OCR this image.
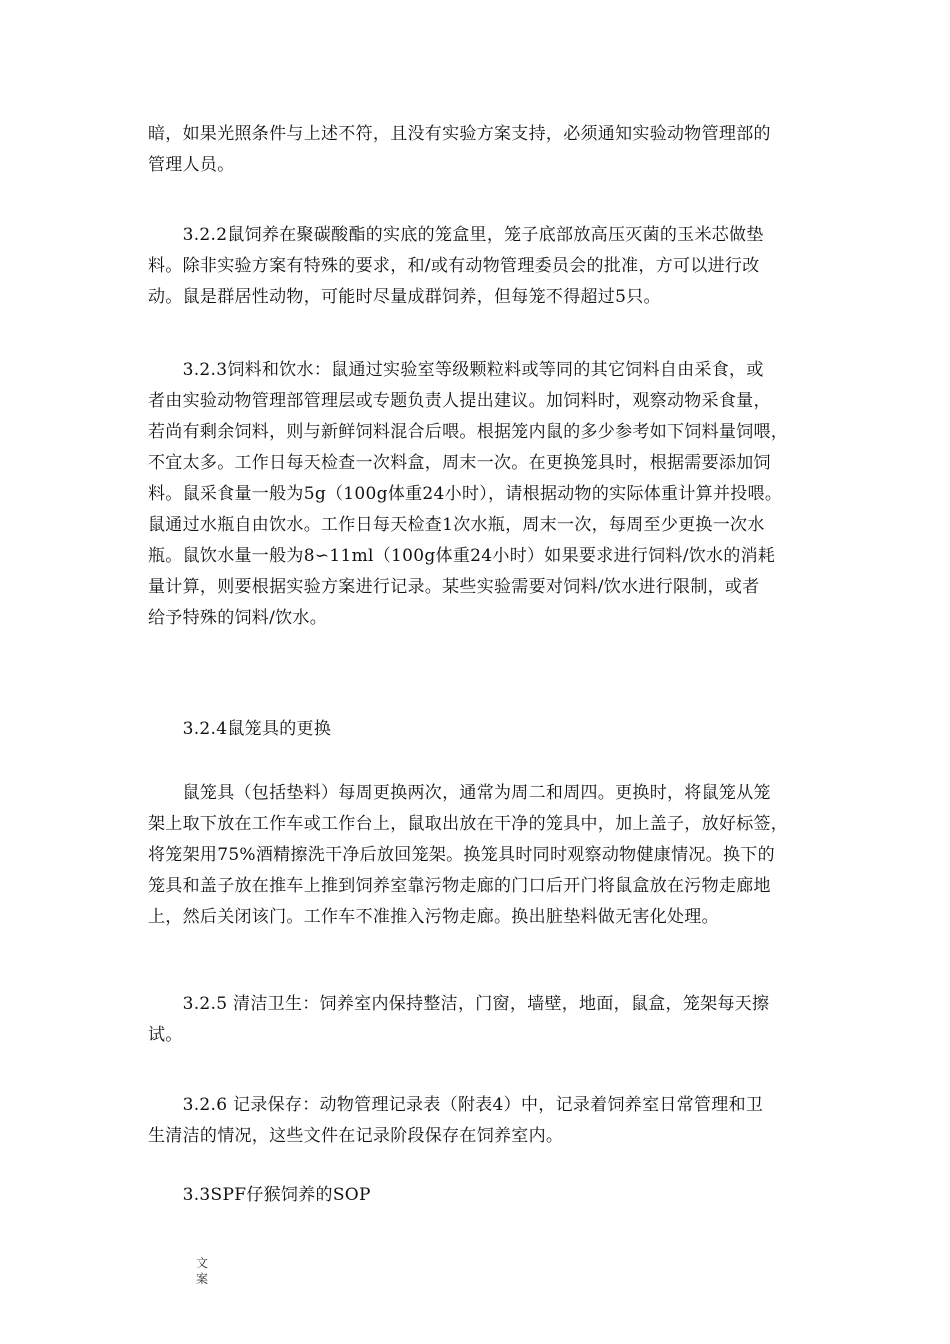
暗，如果光照条件与上述不符，且没有实验方案支持，必须通知实验动物管理部的
管理人员。

　　3.2.2鼠饲养在聚碳酸酯的实底的笼盒里，笼子底部放高压灭菌的玉米芯做垫
料。除非实验方案有特殊的要求，和/或有动物管理委员会的批准，方可以进行改
动。鼠是群居性动物，可能时尽量成群饲养，但每笼不得超过5只。

　　3.2.3饲料和饮水：鼠通过实验室等级颗粒料或等同的其它饲料自由采食，或
者由实验动物管理部管理层或专题负责人提出建议。加饲料时，观察动物采食量，
若尚有剩余饲料，则与新鲜饲料混合后喂。根据笼内鼠的多少参考如下饲料量饲喂，
不宜太多。工作日每天检查一次料盒，周末一次。在更换笼具时，根据需要添加饲
料。鼠采食量一般为5g（100g体重24小时），请根据动物的实际体重计算并投喂。
鼠通过水瓶自由饮水。工作日每天检查1次水瓶，周末一次，每周至少更换一次水
瓶。鼠饮水量一般为8∽11ml（100g体重24小时）如果要求进行饲料/饮水的消耗
量计算，则要根据实验方案进行记录。某些实验需要对饲料/饮水进行限制，或者
给予特殊的饲料/饮水。

　　3.2.4鼠笼具的更换

　　鼠笼具（包括垫料）每周更换两次，通常为周二和周四。更换时，将鼠笼从笼
架上取下放在工作车或工作台上，鼠取出放在干净的笼具中，加上盖子，放好标签，
将笼架用75%酒精擦洗干净后放回笼架。换笼具时同时观察动物健康情况。换下的
笼具和盖子放在推车上推到饲养室靠污物走廊的门口后开门将鼠盒放在污物走廊地
上，然后关闭该门。工作车不准推入污物走廊。换出脏垫料做无害化处理。

　　3.2.5 清洁卫生：饲养室内保持整洁，门窗，墙壁，地面，鼠盒，笼架每天擦
试。

　　3.2.6 记录保存：动物管理记录表（附表4）中，记录着饲养室日常管理和卫
生清洁的情况，这些文件在记录阶段保存在饲养室内。

　　3.3SPF仔猴饲养的SOP

文
案
